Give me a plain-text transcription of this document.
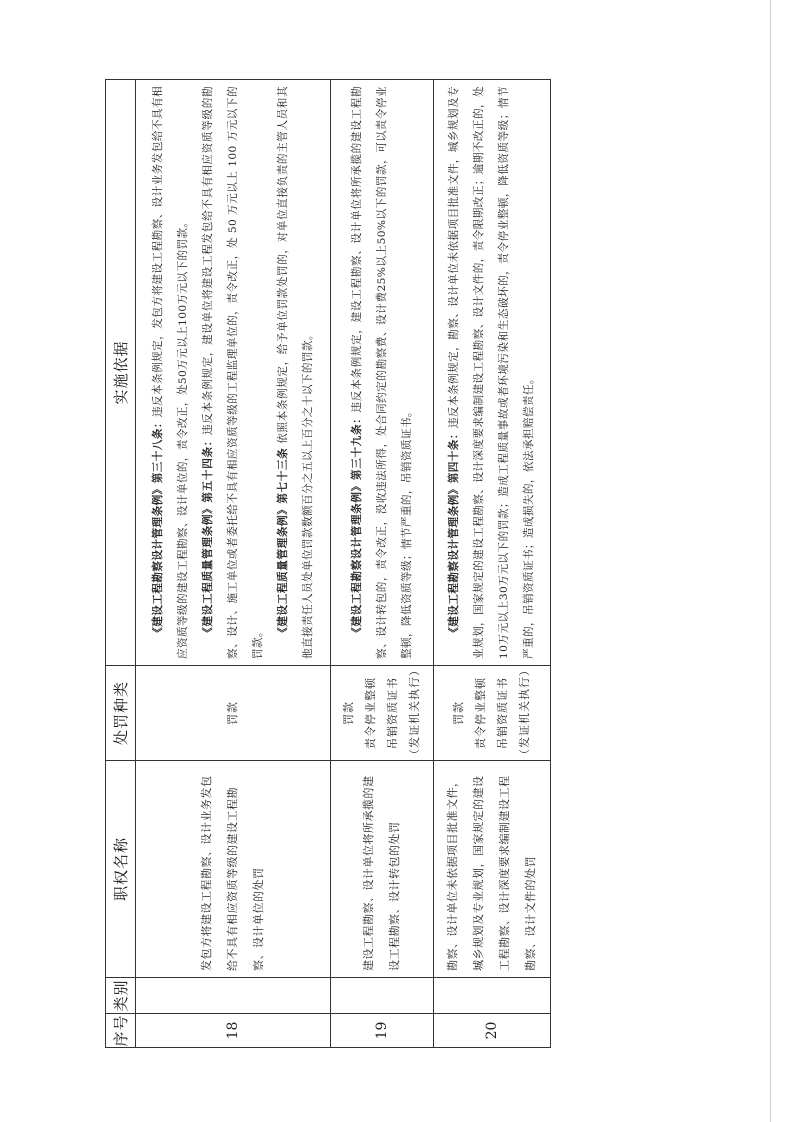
序号	类别	职权名称	处罚种类	实施依据
18		发包方将建设工程勘察、设计业务发包给不具有相应资质等级的建设工程勘察、设计单位的处罚	罚款	《建设工程勘察设计管理条例》第三十八条：违反本条例规定，发包方将建设工程勘察、设计业务发包给不具有相应资质等级的建设工程勘察、设计单位的，责令改正，处50万元以上100万元以下的罚款。 《建设工程质量管理条例》第五十四条：违反本条例规定，建设单位将建设工程发包给不具有相应资质等级的勘察、设计、施工单位或者委托给不具有相应资质等级的工程监理单位的，责令改正，处 50 万元以上 100 万元以下的罚款。

《建设工程质量管理条例》第七十三条 依照本条例规定，给予单位罚款处罚的，对单位直接负责的主管人员和其他直接责任人员处单位罚款数额百分之五以上百分之十以下的罚款。

19		建设工程勘察、设计单位将所承揽的建设工程勘察、设计转包的处罚	罚款 责令停业整顿 吊销资质证书 （发证机关执行）	《建设工程勘察设计管理条例》第三十九条：违反本条例规定，建设工程勘察、设计单位将所承揽的建设工程勘察、设计转包的，责令改正，没收违法所得，处合同约定的勘察费、设计费25%以上50%以下的罚款，可以责令停业整顿，降低资质等级；情节严重的，吊销资质证书。

20		勘察、设计单位未依据项目批准文件，城乡规划及专业规划，国家规定的建设工程勘察、设计深度要求编制建设工程勘察、设计文件的处罚	罚款 责令停业整顿 吊销资质证书 （发证机关执行）	《建设工程勘察设计管理条例》第四十条：违反本条例规定，勘察、设计单位未依据项目批准文件，城乡规划及专业规划，国家规定的建设工程勘察、设计深度要求编制建设工程勘察、设计文件的，责令限期改正；逾期不改正的，处10万元以上30万元以下的罚款；造成工程质量事故或者环境污染和生态破坏的，责令停业整顿，降低资质等级；情节严重的，吊销资质证书；造成损失的，依法承担赔偿责任。
